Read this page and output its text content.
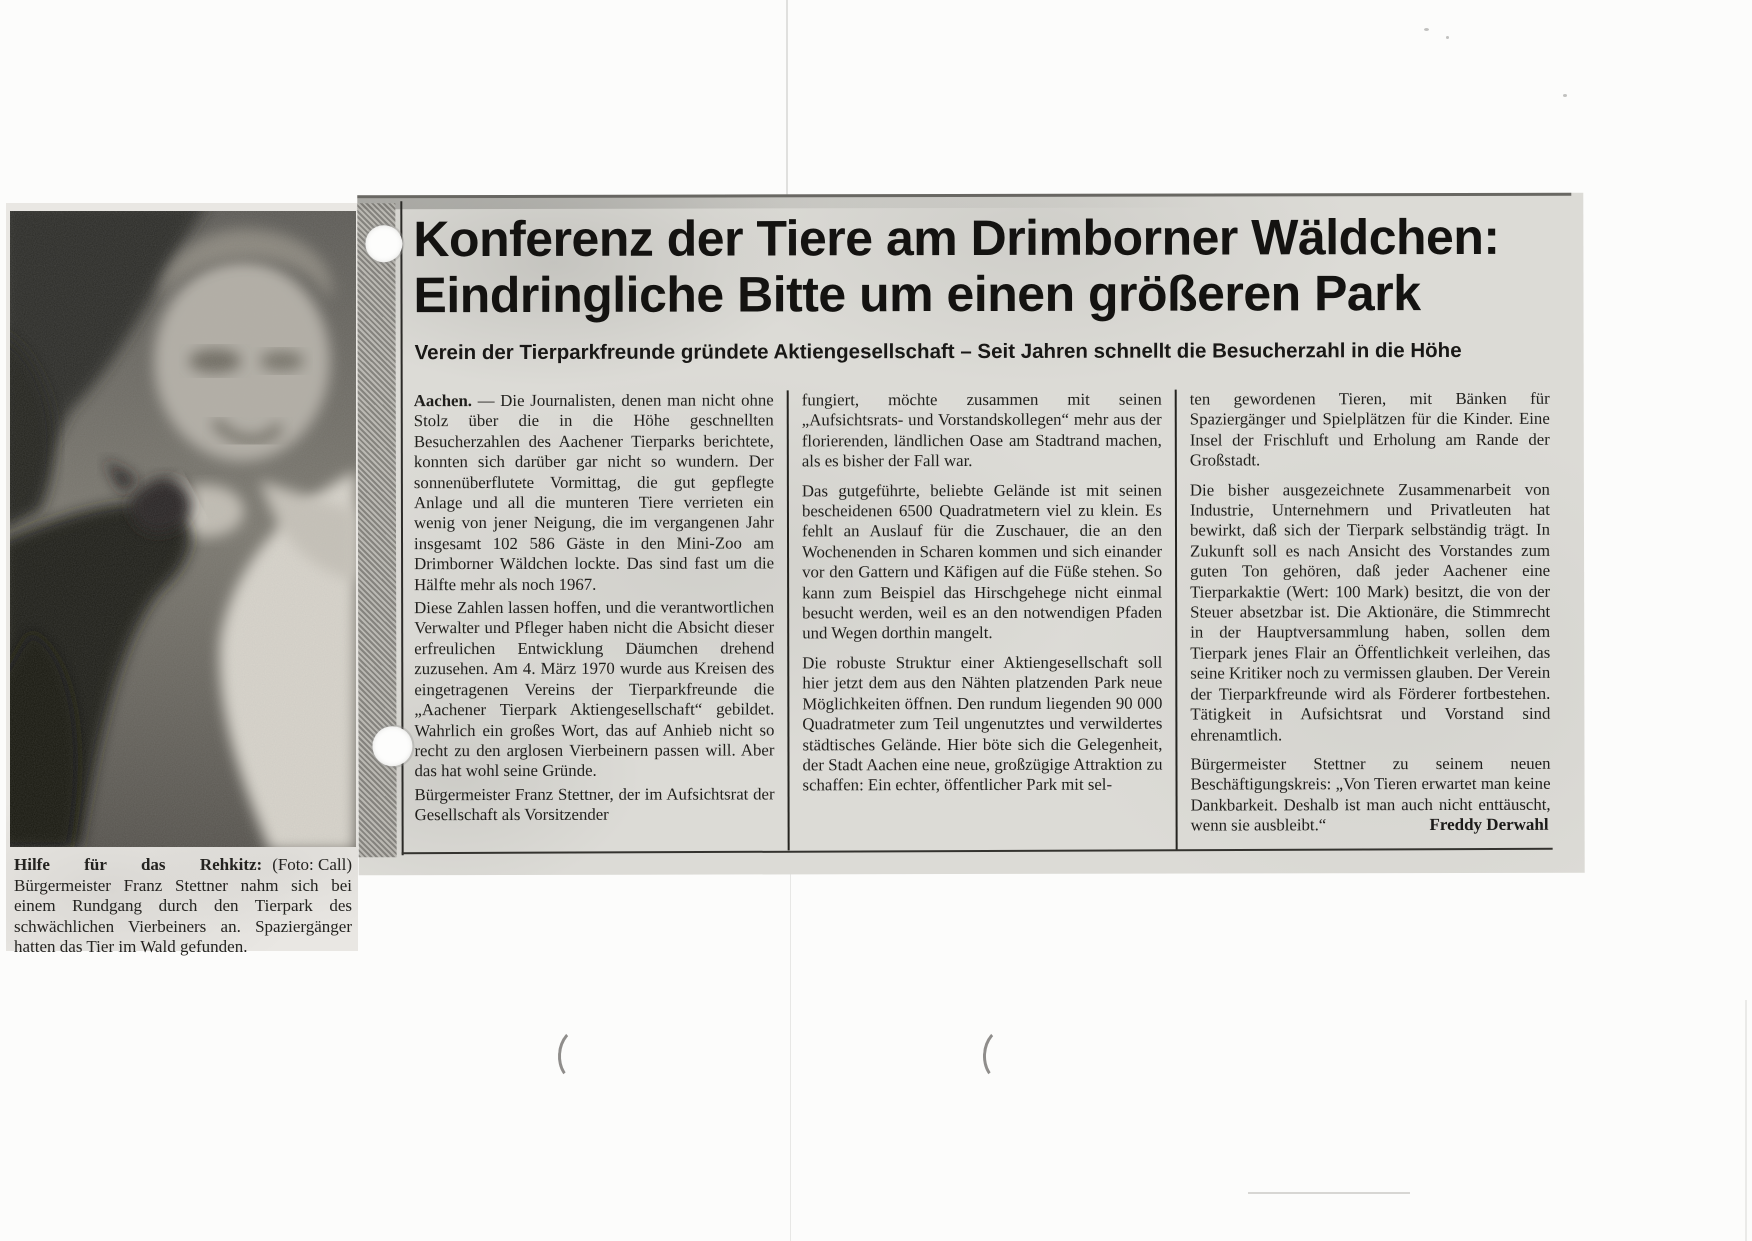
Hilfe für das Rehkitz: (Foto: Call)
Bürgermeister Franz Stettner nahm sich bei einem Rundgang durch den Tierpark des schwächlichen Vierbeiners an. Spaziergänger hatten das Tier im Wald gefunden.
Konferenz der Tiere am Drimborner Wäldchen:
Eindringliche Bitte um einen größeren Park
Verein der Tierparkfreunde gründete Aktiengesellschaft – Seit Jahren schnellt die Besucherzahl in die Höhe

Aachen. — Die Journalisten, denen man nicht ohne Stolz über die in die Höhe geschnellten Besucherzahlen des Aachener Tierparks berichtete, konnten sich darüber gar nicht so wundern. Der sonnenüberflutete Vormittag, die gut gepflegte Anlage und all die munteren Tiere verrieten ein wenig von jener Neigung, die im vergangenen Jahr insgesamt 102 586 Gäste in den Mini-Zoo am Drimborner Wäldchen lockte. Das sind fast um die Hälfte mehr als noch 1967.

Diese Zahlen lassen hoffen, und die verantwortlichen Verwalter und Pfleger haben nicht die Absicht dieser erfreulichen Entwicklung Däumchen drehend zuzusehen. Am 4. März 1970 wurde aus Kreisen des eingetragenen Vereins der Tierparkfreunde die „Aachener Tierpark Aktiengesellschaft“ gebildet. Wahrlich ein großes Wort, das auf Anhieb nicht so recht zu den arglosen Vierbeinern passen will. Aber das hat wohl seine Gründe.

Bürgermeister Franz Stettner, der im Aufsichtsrat der Gesellschaft als Vorsitzender

fungiert, möchte zusammen mit seinen „Aufsichtsrats- und Vorstandskollegen“ mehr aus der florierenden, ländlichen Oase am Stadtrand machen, als es bisher der Fall war.

Das gutgeführte, beliebte Gelände ist mit seinen bescheidenen 6500 Quadratmetern viel zu klein. Es fehlt an Auslauf für die Zuschauer, die an den Wochenenden in Scharen kommen und sich einander vor den Gattern und Käfigen auf die Füße stehen. So kann zum Beispiel das Hirschgehege nicht einmal besucht werden, weil es an den notwendigen Pfaden und Wegen dorthin mangelt.

Die robuste Struktur einer Aktiengesellschaft soll hier jetzt dem aus den Nähten platzenden Park neue Möglichkeiten öffnen. Den rundum liegenden 90 000 Quadratmeter zum Teil ungenutztes und verwildertes städtisches Gelände. Hier böte sich die Gelegenheit, der Stadt Aachen eine neue, großzügige Attraktion zu schaffen: Ein echter, öffentlicher Park mit sel-

ten gewordenen Tieren, mit Bänken für Spaziergänger und Spielplätzen für die Kinder. Eine Insel der Frischluft und Erholung am Rande der Großstadt.

Die bisher ausgezeichnete Zusammenarbeit von Industrie, Unternehmern und Privatleuten hat bewirkt, daß sich der Tierpark selbständig trägt. In Zukunft soll es nach Ansicht des Vorstandes zum guten Ton gehören, daß jeder Aachener eine Tierparkaktie (Wert: 100 Mark) besitzt, die von der Steuer absetzbar ist. Die Aktionäre, die Stimmrecht in der Hauptversammlung haben, sollen dem Tierpark jenes Flair an Öffentlichkeit verleihen, das seine Kritiker noch zu vermissen glauben. Der Verein der Tierparkfreunde wird als Förderer fortbestehen. Tätigkeit in Aufsichtsrat und Vorstand sind ehrenamtlich.

Bürgermeister Stettner zu seinem neuen Beschäftigungskreis: „Von Tieren erwartet man keine Dankbarkeit. Deshalb ist man auch nicht enttäuscht, wenn sie ausbleibt.“	Freddy Derwahl
